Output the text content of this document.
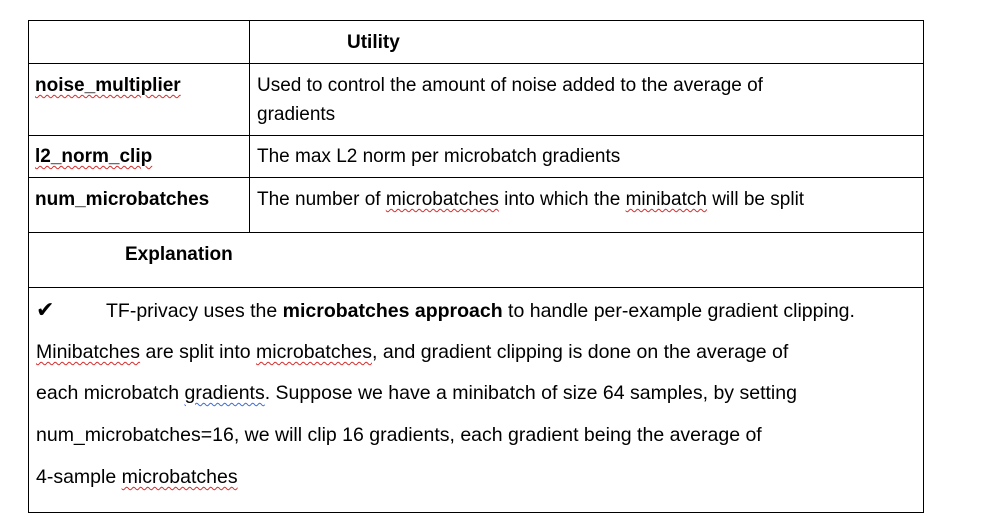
Utility
noise_multiplier	Used to control the amount of noise added to the average of
gradients
l2_norm_clip	The max L2 norm per microbatch gradients
num_microbatches	The number of microbatches into which the minibatch will be split
Explanation
✔	TF-privacy uses the microbatches approach to handle per-example gradient clipping.
Minibatches are split into microbatches, and gradient clipping is done on the average of
each microbatch gradients. Suppose we have a minibatch of size 64 samples, by setting
num_microbatches=16, we will clip 16 gradients, each gradient being the average of
4-sample microbatches
